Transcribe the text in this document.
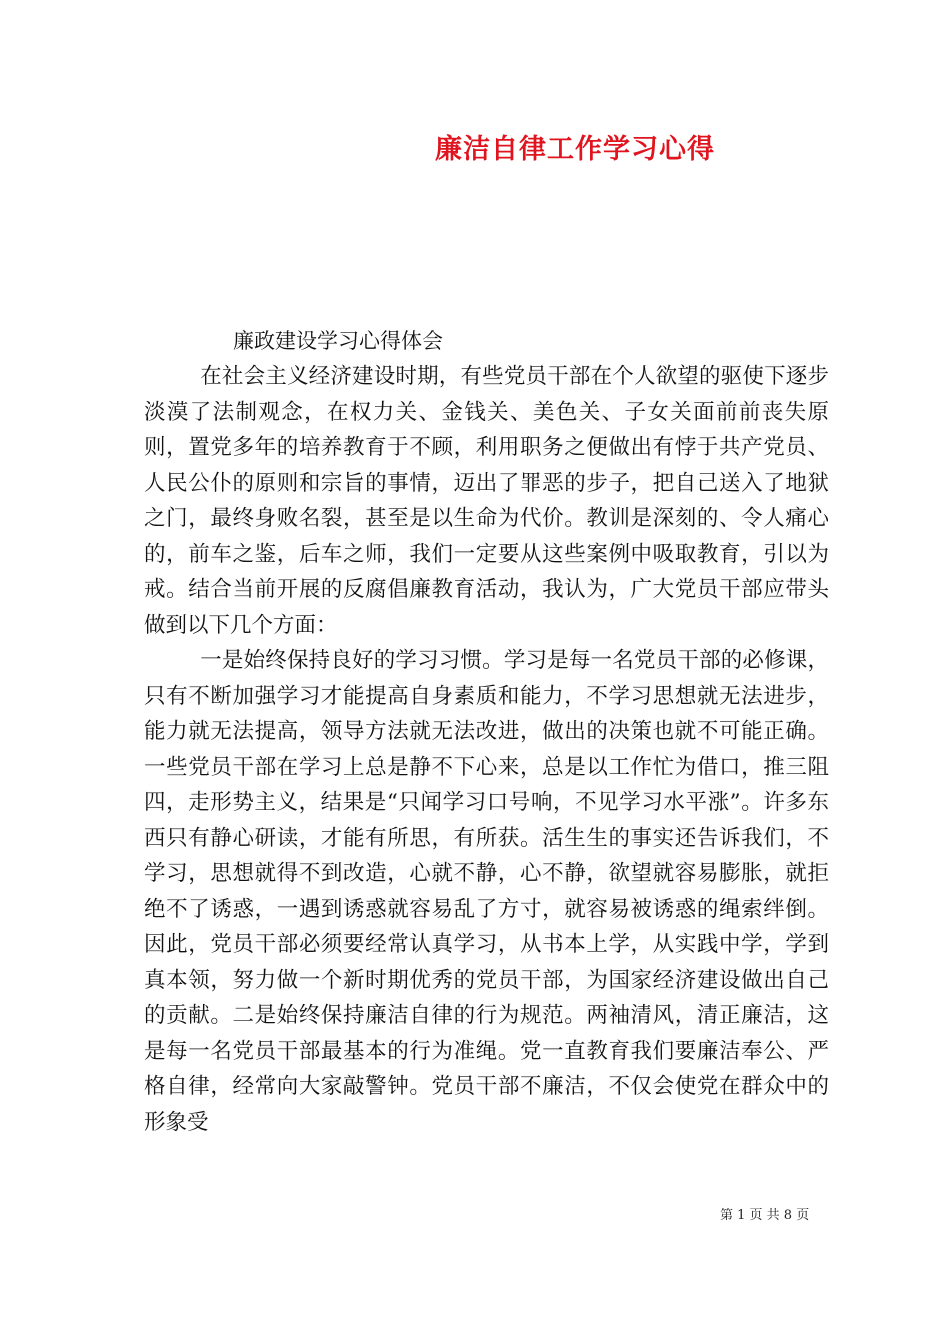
廉洁自律工作学习心得
廉政建设学习心得体会

在社会主义经济建设时期，有些党员干部在个人欲望的驱使下逐步淡漠了法制观念，在权力关、金钱关、美色关、子女关面前前丧失原则，置党多年的培养教育于不顾，利用职务之便做出有悖于共产党员、人民公仆的原则和宗旨的事情，迈出了罪恶的步子，把自己送入了地狱之门，最终身败名裂，甚至是以生命为代价。教训是深刻的、令人痛心的，前车之鉴，后车之师，我们一定要从这些案例中吸取教育，引以为戒。结合当前开展的反腐倡廉教育活动，我认为，广大党员干部应带头做到以下几个方面：

一是始终保持良好的学习习惯。学习是每一名党员干部的必修课，只有不断加强学习才能提高自身素质和能力，不学习思想就无法进步，能力就无法提高，领导方法就无法改进，做出的决策也就不可能正确。一些党员干部在学习上总是静不下心来，总是以工作忙为借口，推三阻四，走形势主义，结果是“只闻学习口号响，不见学习水平涨”。许多东西只有静心研读，才能有所思，有所获。活生生的事实还告诉我们，不学习，思想就得不到改造，心就不静，心不静，欲望就容易膨胀，就拒绝不了诱惑，一遇到诱惑就容易乱了方寸，就容易被诱惑的绳索绊倒。因此，党员干部必须要经常认真学习，从书本上学，从实践中学，学到真本领，努力做一个新时期优秀的党员干部，为国家经济建设做出自己的贡献。二是始终保持廉洁自律的行为规范。两袖清风，清正廉洁，这是每一名党员干部最基本的行为准绳。党一直教育我们要廉洁奉公、严格自律，经常向大家敲警钟。党员干部不廉洁，不仅会使党在群众中的形象受

第 1 页 共 8 页
